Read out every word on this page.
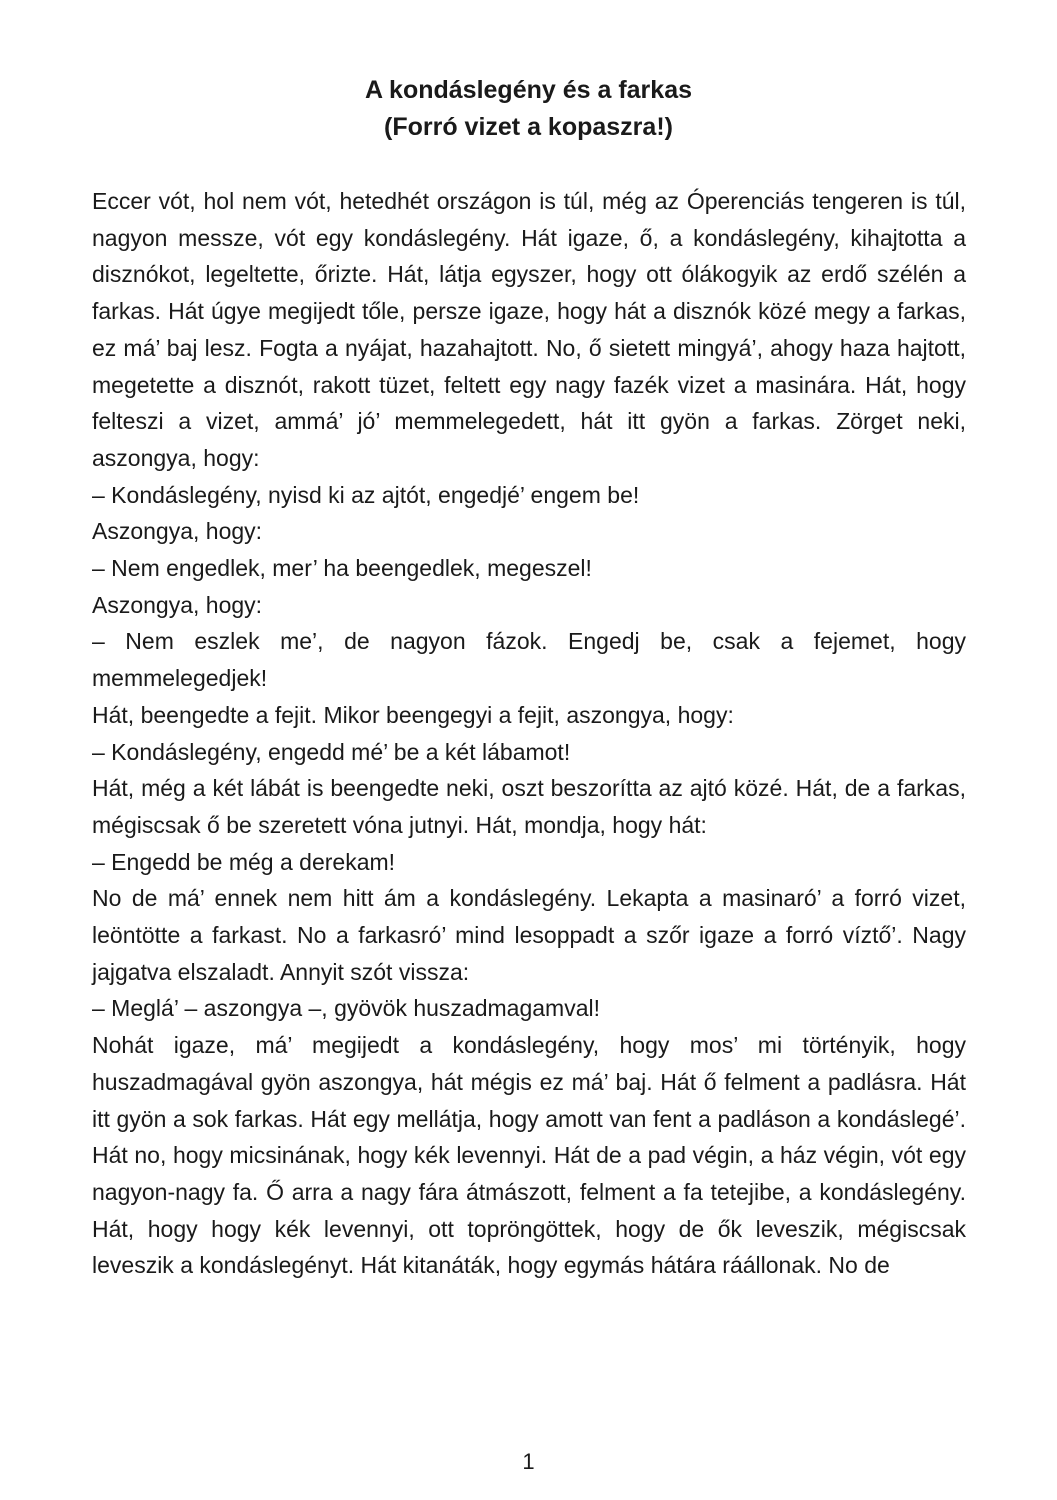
A kondáslegény és a farkas
(Forró vizet a kopaszra!)

Eccer vót, hol nem vót, hetedhét országon is túl, még az Óperenciás tengeren is túl, nagyon messze, vót egy kondáslegény. Hát igaze, ő, a kondáslegény, kihajtotta a disznókot, legeltette, őrizte. Hát, látja egyszer, hogy ott ólákogyik az erdő szélén a farkas. Hát úgye megijedt tőle, persze igaze, hogy hát a disznók közé megy a farkas, ez má’ baj lesz. Fogta a nyájat, hazahajtott. No, ő sietett mingyá’, ahogy haza hajtott, megetette a disznót, rakott tüzet, feltett egy nagy fazék vizet a masinára. Hát, hogy felteszi a vizet, ammá’ jó’ memmelegedett, hát itt gyön a farkas. Zörget neki, aszongya, hogy:

– Kondáslegény, nyisd ki az ajtót, engedjé’ engem be!

Aszongya, hogy:

– Nem engedlek, mer’ ha beengedlek, megeszel!

Aszongya, hogy:

– Nem eszlek me’, de nagyon fázok. Engedj be, csak a fejemet, hogy memmelegedjek!

Hát, beengedte a fejit. Mikor beengegyi a fejit, aszongya, hogy:

– Kondáslegény, engedd mé’ be a két lábamot!

Hát, még a két lábát is beengedte neki, oszt beszorítta az ajtó közé. Hát, de a farkas, mégiscsak ő be szeretett vóna jutnyi. Hát, mondja, hogy hát:

– Engedd be még a derekam!

No de má’ ennek nem hitt ám a kondáslegény. Lekapta a masinaró’ a forró vizet, leöntötte a farkast. No a farkasró’ mind lesoppadt a szőr igaze a forró víztő’. Nagy jajgatva elszaladt. Annyit szót vissza:

– Meglá’ – aszongya –, gyövök huszadmagamval!

Nohát igaze, má’ megijedt a kondáslegény, hogy mos’ mi történyik, hogy huszadmagával gyön aszongya, hát mégis ez má’ baj. Hát ő felment a padlásra. Hát itt gyön a sok farkas. Hát egy mellátja, hogy amott van fent a padláson a kondáslegé’. Hát no, hogy micsinának, hogy kék levennyi. Hát de a pad végin, a ház végin, vót egy nagyon-nagy fa. Ő arra a nagy fára átmászott, felment a fa tetejibe, a kondáslegény. Hát, hogy hogy kék levennyi, ott topröngöttek, hogy de ők leveszik, mégiscsak leveszik a kondáslegényt. Hát kitanáták, hogy egymás hátára ráállonak. No de

1
